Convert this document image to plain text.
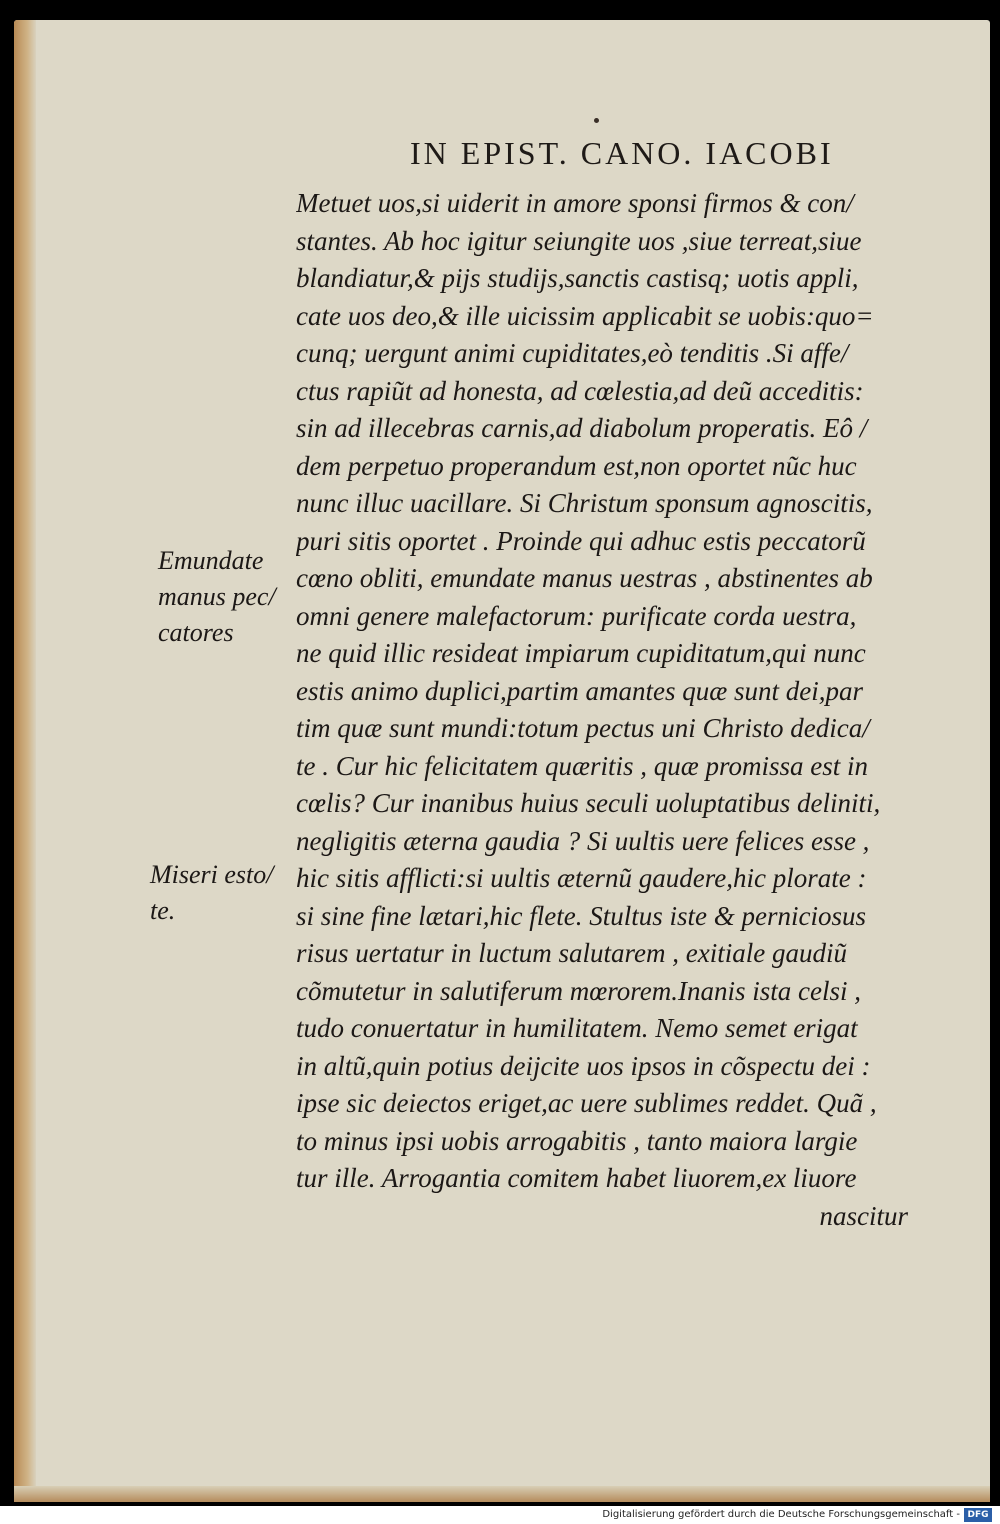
IN EPIST. CANO. IACOBI
Metuet uos,si uiderit in amore sponsi firmos & con/
stantes. Ab hoc igitur seiungite uos ,siue terreat,siue
blandiatur,& pijs studijs,sanctis castisq; uotis appli,
cate uos deo,& ille uicissim applicabit se uobis:quo=
cunq; uergunt animi cupiditates,eò tenditis .Si affe/
ctus rapiũt ad honesta, ad cœlestia,ad deũ acceditis:
sin ad illecebras carnis,ad diabolum properatis. Eô /
dem perpetuo properandum est,non oportet nũc huc
nunc illuc uacillare. Si Christum sponsum agnoscitis,
puri sitis oportet . Proinde qui adhuc estis peccatorũ
cœno obliti, emundate manus uestras , abstinentes ab
omni genere malefactorum: purificate corda uestra,
ne quid illic resideat impiarum cupiditatum,qui nunc
estis animo duplici,partim amantes quæ sunt dei,par
tim quæ sunt mundi:totum pectus uni Christo dedica/
te . Cur hic felicitatem quæritis , quæ promissa est in
cœlis? Cur inanibus huius seculi uoluptatibus deliniti,
negligitis æterna gaudia ? Si uultis uere felices esse ,
hic sitis afflicti:si uultis æternũ gaudere,hic plorate :
si sine fine lætari,hic flete. Stultus iste & perniciosus
risus uertatur in luctum salutarem , exitiale gaudiũ
cõmutetur in salutiferum mœrorem.Inanis ista celsi ,
tudo conuertatur in humilitatem. Nemo semet erigat
in altũ,quin potius deijcite uos ipsos in cõspectu dei :
ipse sic deiectos eriget,ac uere sublimes reddet. Quã ,
to minus ipsi uobis arrogabitis , tanto maiora largie
tur ille. Arrogantia comitem habet liuorem,ex liuore
nascitur
Emundate
manus pec/
catores
Miseri esto/
te.
Digitalisierung gefördert durch die Deutsche Forschungsgemeinschaft - DFG
